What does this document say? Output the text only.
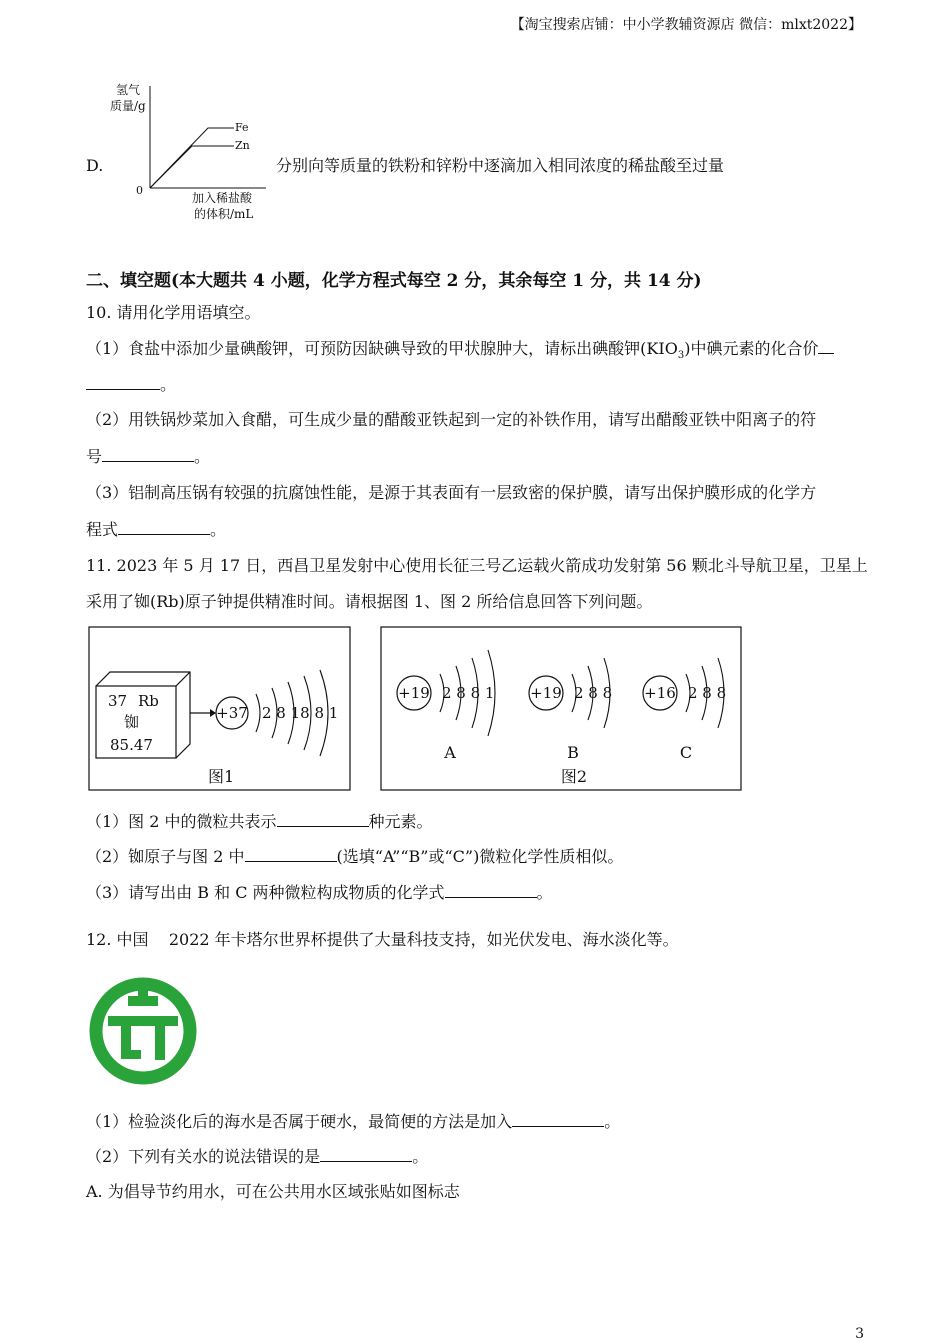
【淘宝搜索店铺：中小学教辅资源店 微信：mlxt2022】
D.
氢气
质量/g
0
Fe
Zn
加入稀盐酸
的体积/mL
分别向等质量的铁粉和锌粉中逐滴加入相同浓度的稀盐酸至过量
二、填空题(本大题共 4 小题，化学方程式每空 2 分，其余每空 1 分，共 14 分)
10. 请用化学用语填空。
（1）食盐中添加少量碘酸钾，可预防因缺碘导致的甲状腺肿大，请标出碘酸钾$(KIO_3)$中碘元素的化合价
。
（2）用铁锅炒菜加入食醋，可生成少量的醋酸亚铁起到一定的补铁作用，请写出醋酸亚铁中阳离子的符
号	。
（3）铝制高压锅有较强的抗腐蚀性能，是源于其表面有一层致密的保护膜，请写出保护膜形成的化学方
程式	。
11. 2023 年 5 月 17 日，西昌卫星发射中心使用长征三号乙运载火箭成功发射第 56 颗北斗导航卫星，卫星上
采用了铷(Rb)原子钟提供精准时间。请根据图 1、图 2 所给信息回答下列问题。
37 Rb
铷
85.47
+37 2 8 18 8 1
图1
+19 2 8 8 1
A
+19 2 8 8
B
+16 2 8 8
C
图2
（1）图 2 中的微粒共表示	种元素。
（2）铷原子与图 2 中	(选填“A”“B”或“C”)微粒化学性质相似。
（3）请写出由 B 和 C 两种微粒构成物质的化学式	。
12. 中国    2022 年卡塔尔世界杯提供了大量科技支持，如光伏发电、海水淡化等。
（1）检验淡化后的海水是否属于硬水，最简便的方法是加入	。
（2）下列有关水的说法错误的是	。
A. 为倡导节约用水，可在公共用水区域张贴如图标志
3
